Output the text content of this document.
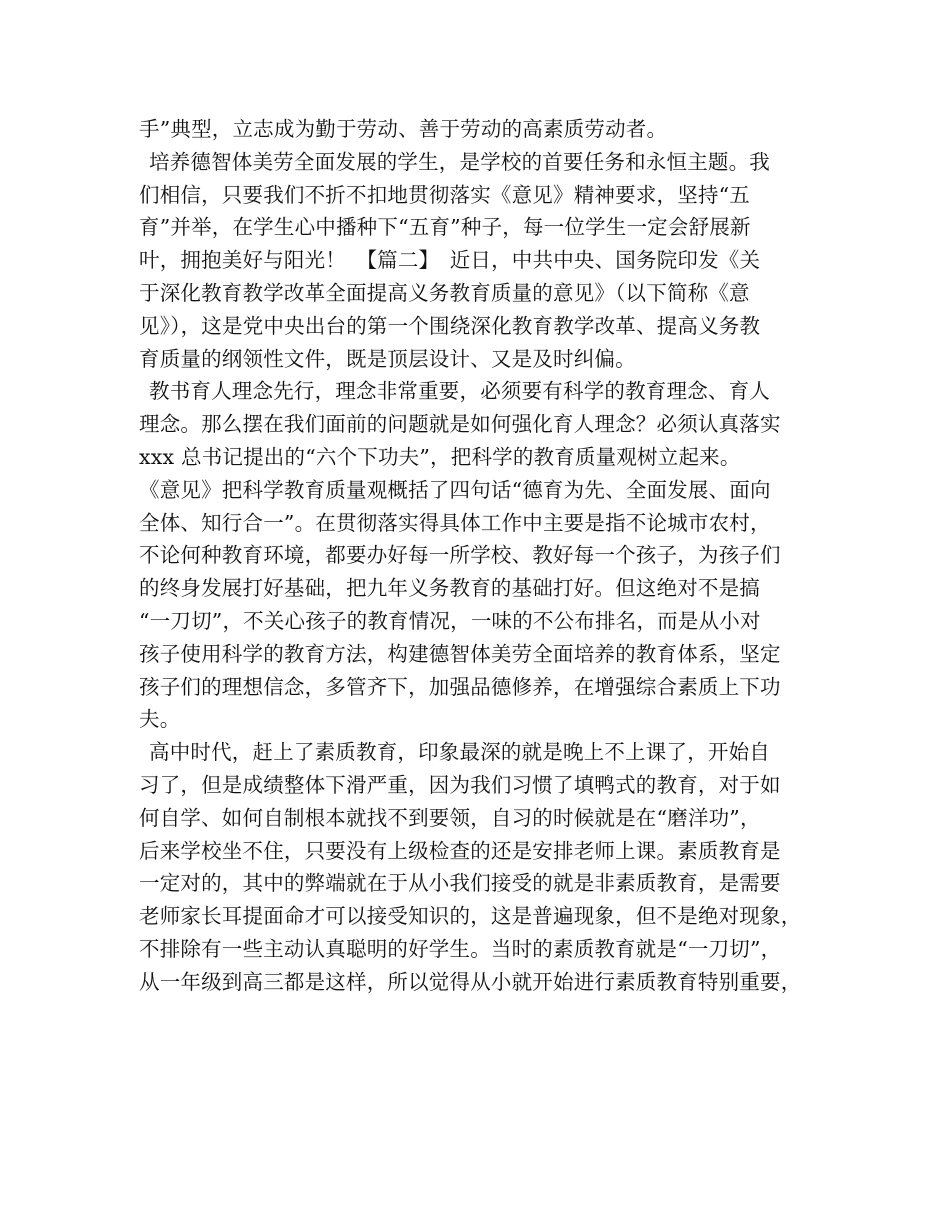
手”典型，立志成为勤于劳动、善于劳动的高素质劳动者。
培养德智体美劳全面发展的学生，是学校的首要任务和永恒主题。我
们相信，只要我们不折不扣地贯彻落实《意见》精神要求，坚持“五
育”并举，在学生心中播种下“五育”种子，每一位学生一定会舒展新
叶，拥抱美好与阳光！　【篇二】　近日，中共中央、国务院印发《关
于深化教育教学改革全面提高义务教育质量的意见》（以下简称《意
见》），这是党中央出台的第一个围绕深化教育教学改革、提高义务教
育质量的纲领性文件，既是顶层设计、又是及时纠偏。
教书育人理念先行，理念非常重要，必须要有科学的教育理念、育人
理念。那么摆在我们面前的问题就是如何强化育人理念？必须认真落实
xxx 总书记提出的“六个下功夫”，把科学的教育质量观树立起来。
《意见》把科学教育质量观概括了四句话“德育为先、全面发展、面向
全体、知行合一”。在贯彻落实得具体工作中主要是指不论城市农村，
不论何种教育环境，都要办好每一所学校、教好每一个孩子，为孩子们
的终身发展打好基础，把九年义务教育的基础打好。但这绝对不是搞
“一刀切”，不关心孩子的教育情况，一味的不公布排名，而是从小对
孩子使用科学的教育方法，构建德智体美劳全面培养的教育体系，坚定
孩子们的理想信念，多管齐下，加强品德修养，在增强综合素质上下功
夫。
高中时代，赶上了素质教育，印象最深的就是晚上不上课了，开始自
习了，但是成绩整体下滑严重，因为我们习惯了填鸭式的教育，对于如
何自学、如何自制根本就找不到要领，自习的时候就是在“磨洋功”，
后来学校坐不住，只要没有上级检查的还是安排老师上课。素质教育是
一定对的，其中的弊端就在于从小我们接受的就是非素质教育，是需要
老师家长耳提面命才可以接受知识的，这是普遍现象，但不是绝对现象，
不排除有一些主动认真聪明的好学生。当时的素质教育就是“一刀切”，
从一年级到高三都是这样，所以觉得从小就开始进行素质教育特别重要，
